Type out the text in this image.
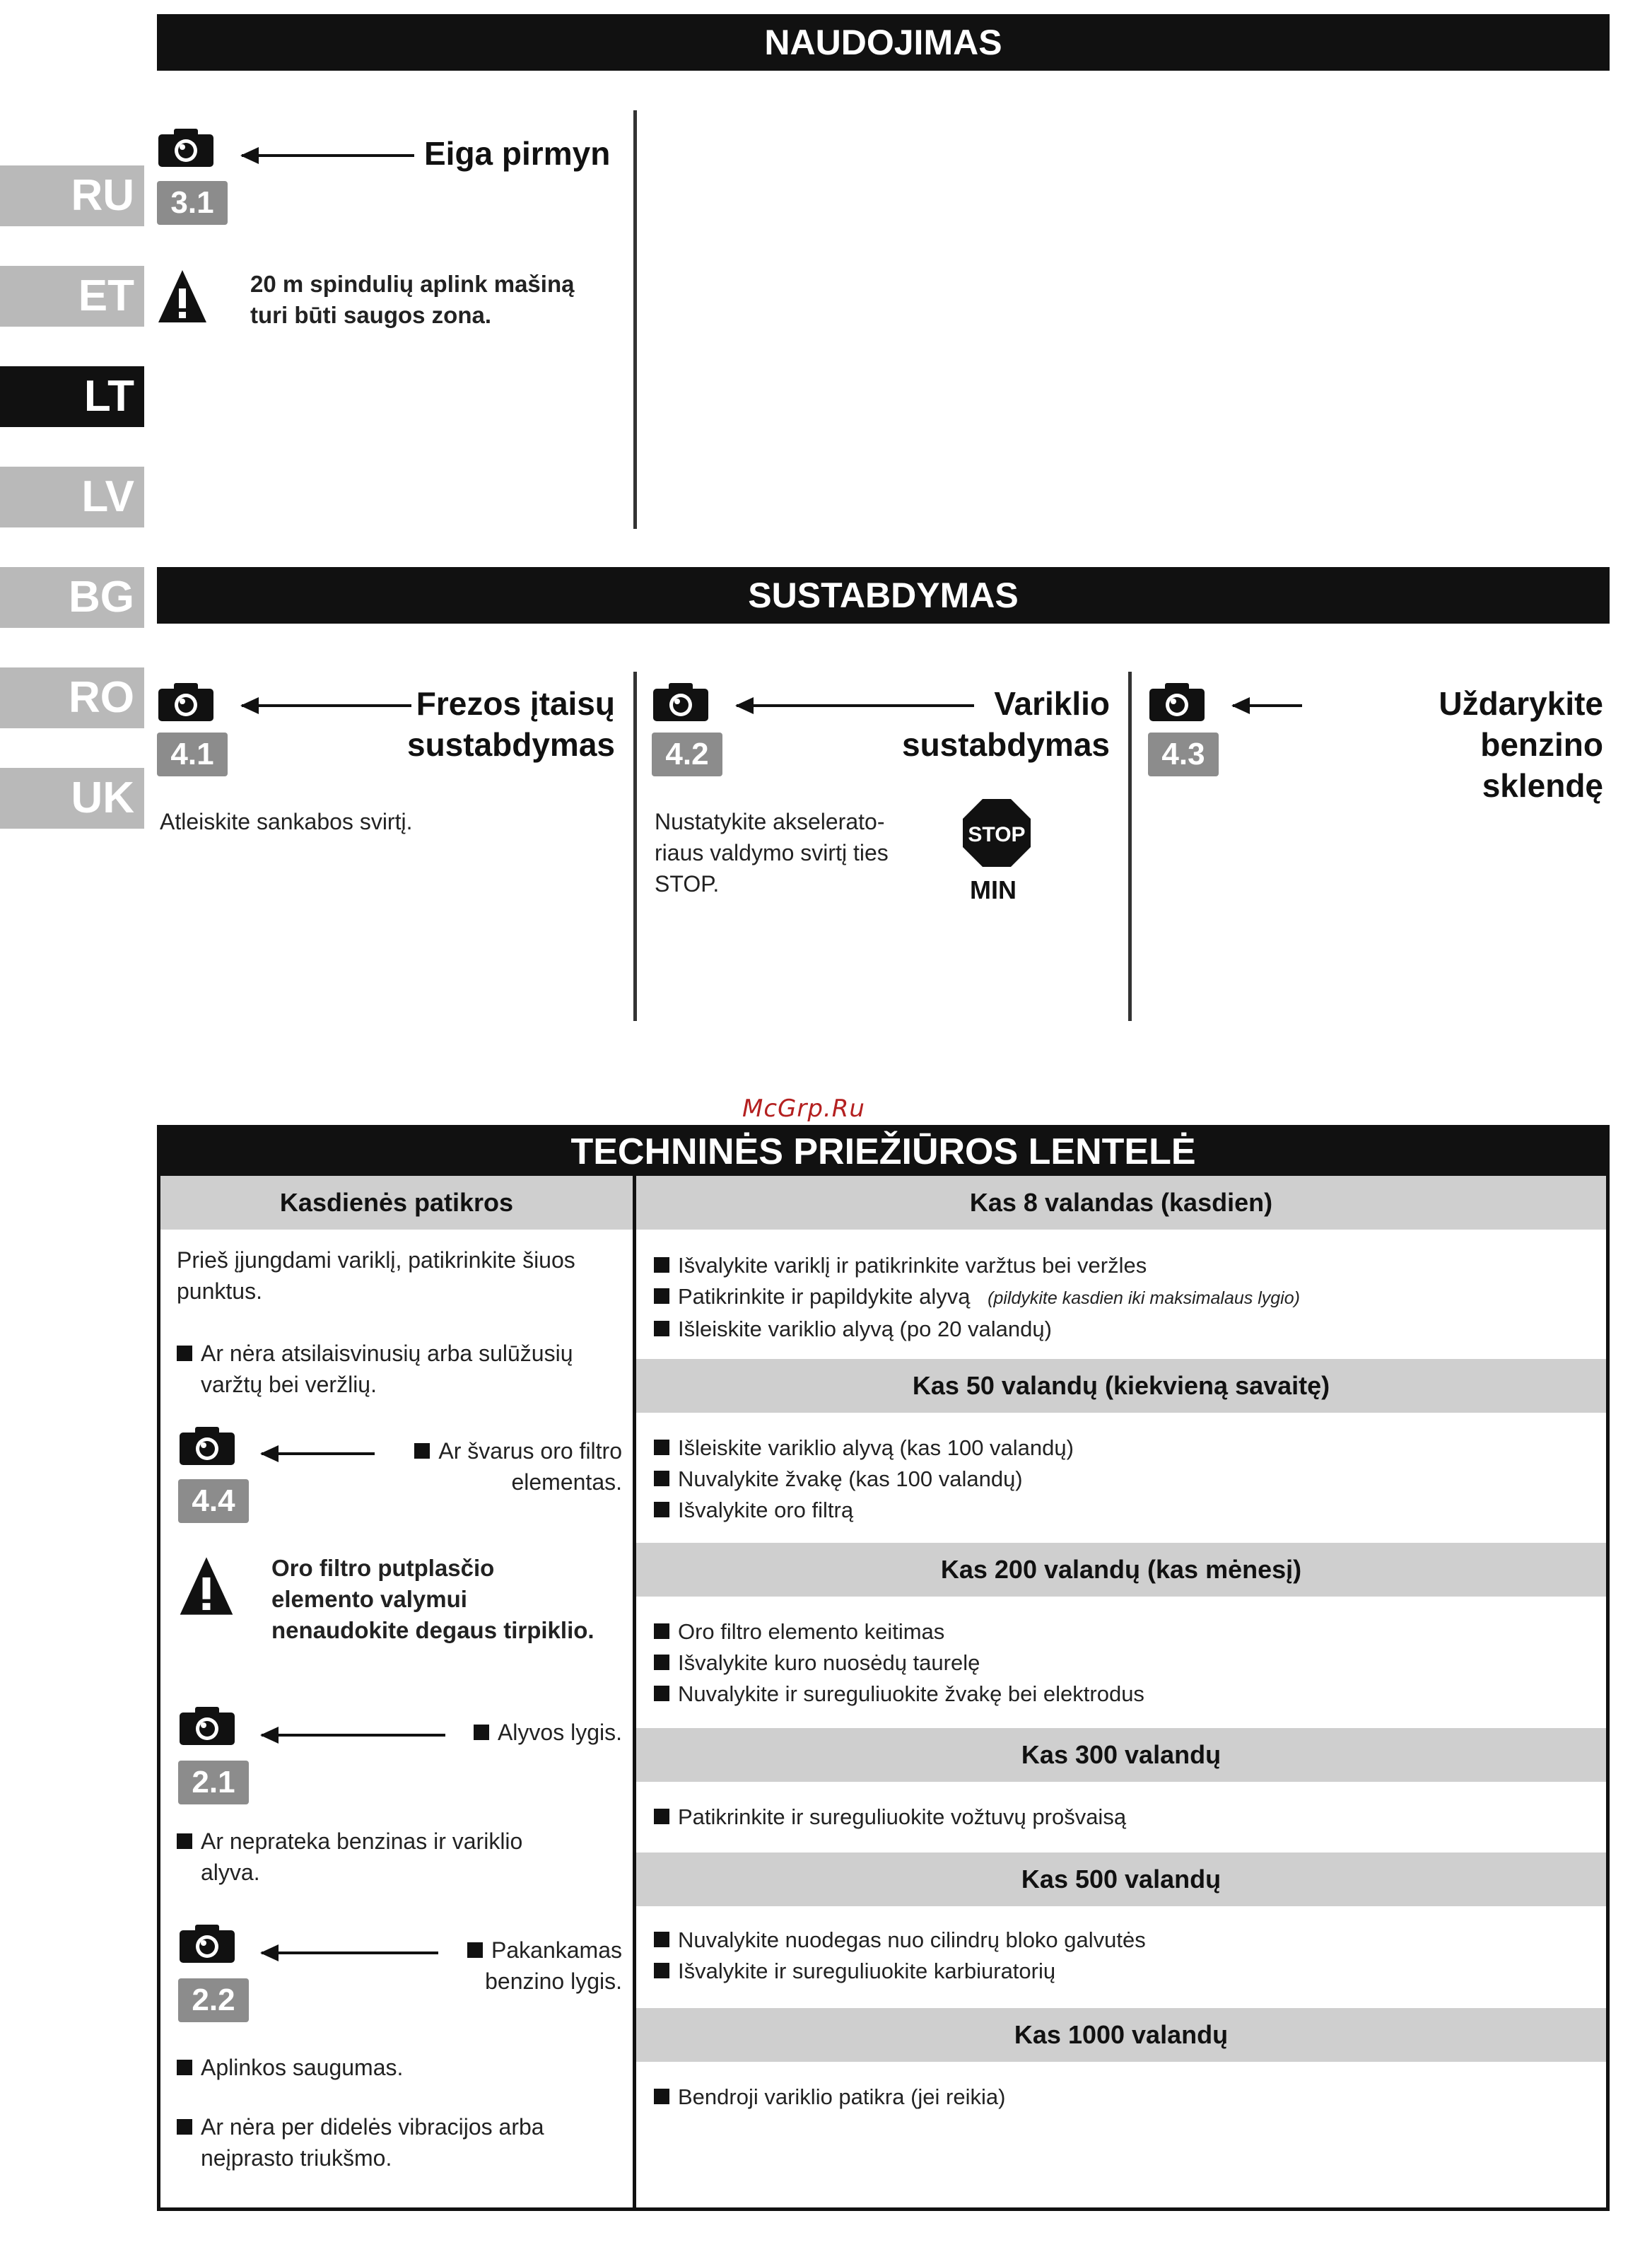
RU
ET
LT
LV
BG
RO
UK
NAUDOJIMAS
3.1
Eiga pirmyn
20 m spindulių aplink mašiną
turi būti saugos zona.
SUSTABDYMAS
4.1
Frezos įtaisų
sustabdymas
Atleiskite sankabos svirtį.
4.2
Variklio
sustabdymas
Nustatykite akselerato-
riaus valdymo svirtį ties
STOP.
STOP
MIN
4.3
Uždarykite benzino
sklendę
McGrp.Ru
TECHNINĖS PRIEŽIŪROS LENTELĖ
Kasdienės patikros
Prieš įjungdami variklį, patikrinkite šiuos
punktus.
Ar nėra atsilaisvinusių arba sulūžusių
varžtų bei veržlių.
4.4
Ar švarus oro filtro
elementas.
Oro filtro putplasčio
elemento valymui
nenaudokite degaus tirpiklio.
2.1
Alyvos lygis.
Ar neprateka benzinas ir variklio
alyva.
2.2
Pakankamas
benzino lygis.
Aplinkos saugumas.
Ar nėra per didelės vibracijos arba
neįprasto triukšmo.
Kas 8 valandas (kasdien)
Išvalykite variklį ir patikrinkite varžtus bei veržles
Patikrinkite ir papildykite alyvą (pildykite kasdien iki maksimalaus lygio)
Išleiskite variklio alyvą (po 20 valandų)
Kas 50 valandų (kiekvieną savaitę)
Išleiskite variklio alyvą (kas 100 valandų)
Nuvalykite žvakę (kas 100 valandų)
Išvalykite oro filtrą
Kas 200 valandų (kas mėnesį)
Oro filtro elemento keitimas
Išvalykite kuro nuosėdų taurelę
Nuvalykite ir sureguliuokite žvakę bei elektrodus
Kas 300 valandų
Patikrinkite ir sureguliuokite vožtuvų prošvaisą
Kas 500 valandų
Nuvalykite nuodegas nuo cilindrų bloko galvutės
Išvalykite ir sureguliuokite karbiuratorių
Kas 1000 valandų
Bendroji variklio patikra (jei reikia)
